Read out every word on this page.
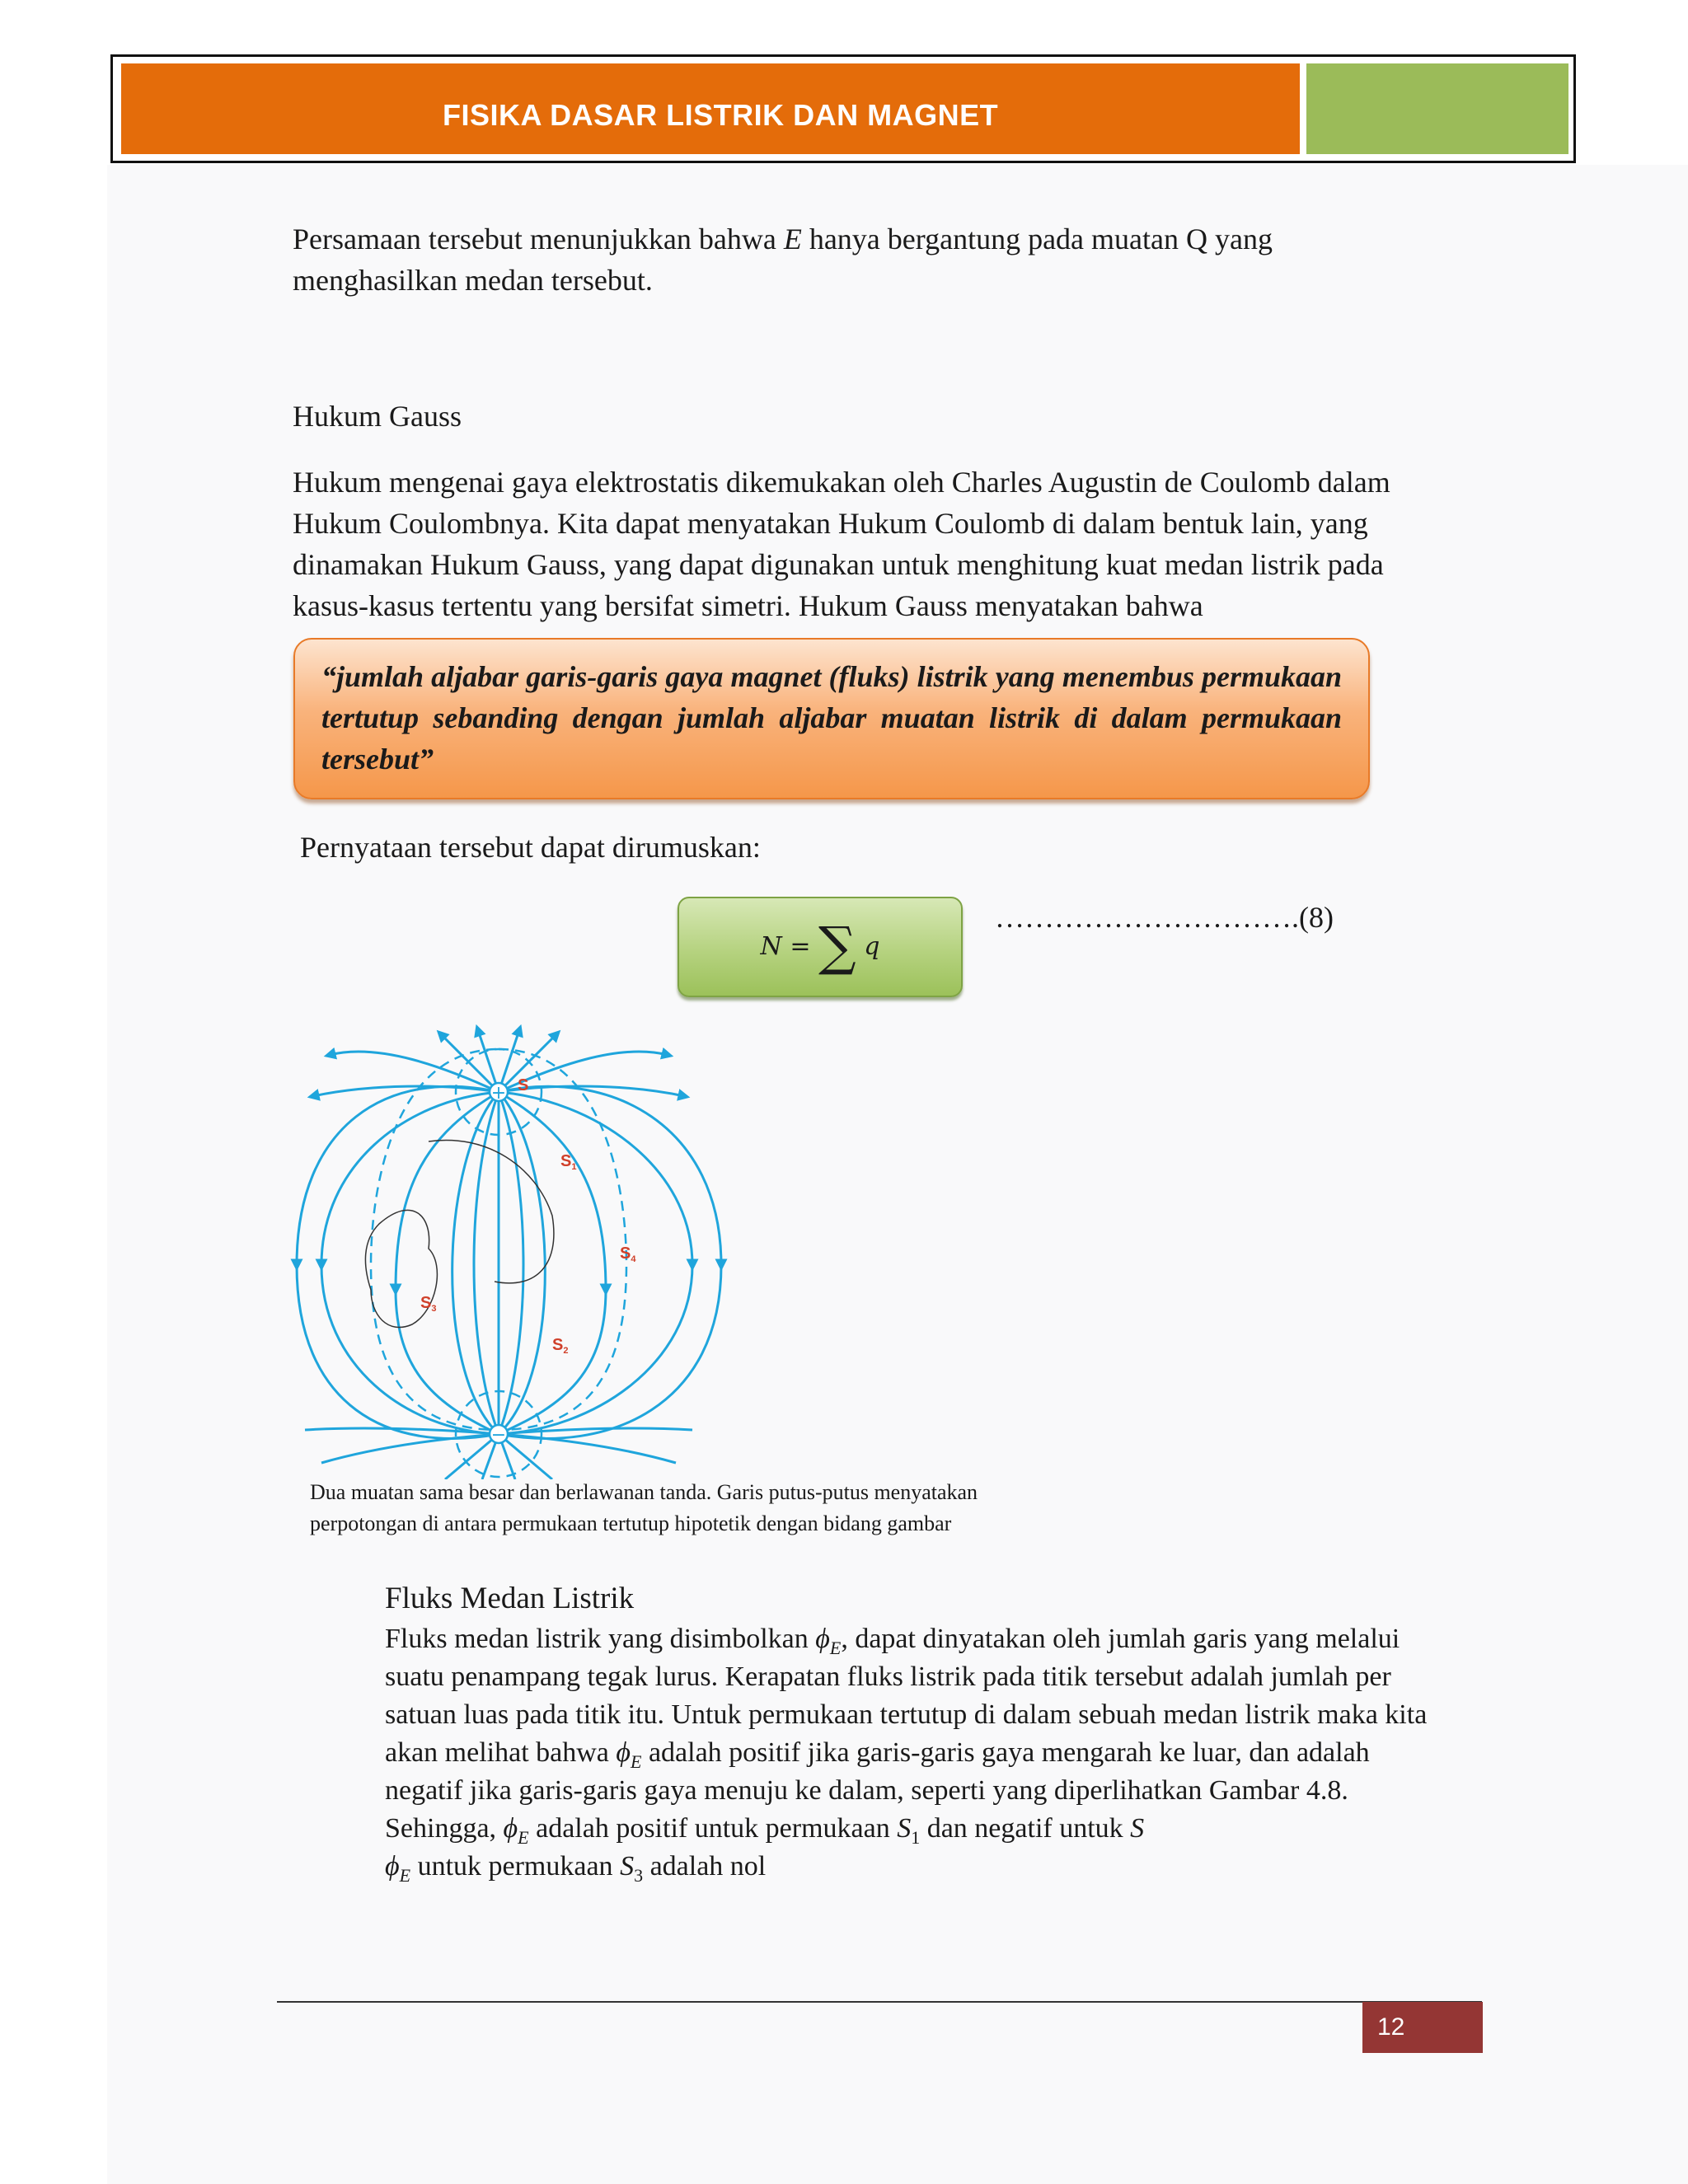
FISIKA DASAR LISTRIK DAN MAGNET

Persamaan tersebut menunjukkan bahwa E hanya bergantung pada muatan Q yang

menghasilkan medan tersebut.

Hukum Gauss

Hukum mengenai gaya elektrostatis dikemukakan oleh Charles Augustin de Coulomb dalam

Hukum Coulombnya. Kita dapat menyatakan Hukum Coulomb di dalam bentuk lain, yang

dinamakan Hukum Gauss, yang dapat digunakan untuk menghitung kuat medan listrik pada

kasus-kasus tertentu yang bersifat simetri. Hukum Gauss menyatakan bahwa

“jumlah aljabar garis-garis gaya magnet (fluks) listrik yang menembus permukaan tertutup sebanding dengan jumlah aljabar muatan listrik di dalam permukaan tersebut”

Pernyataan tersebut dapat dirumuskan:

N = ∑ q

………………………….(8)

+
−
S
$S_1$
$S_4$
$S_3$
$S_2$
Dua muatan sama besar dan berlawanan tanda. Garis putus-putus menyatakan
perpotongan di antara permukaan tertutup hipotetik dengan bidang gambar

Fluks Medan Listrik

Fluks medan listrik yang disimbolkan $\phi_E$, dapat dinyatakan oleh jumlah garis yang melalui

suatu penampang tegak lurus. Kerapatan fluks listrik pada titik tersebut adalah jumlah per

satuan luas pada titik itu. Untuk permukaan tertutup di dalam sebuah medan listrik maka kita

akan melihat bahwa $\phi_E$ adalah positif jika garis-garis gaya mengarah ke luar, dan adalah

negatif jika garis-garis gaya menuju ke dalam, seperti yang diperlihatkan Gambar 4.8.

Sehingga, $\phi_E$ adalah positif untuk permukaan $S_1$ dan negatif untuk S

$\phi_E$ untuk permukaan $S_3$ adalah nol

12
